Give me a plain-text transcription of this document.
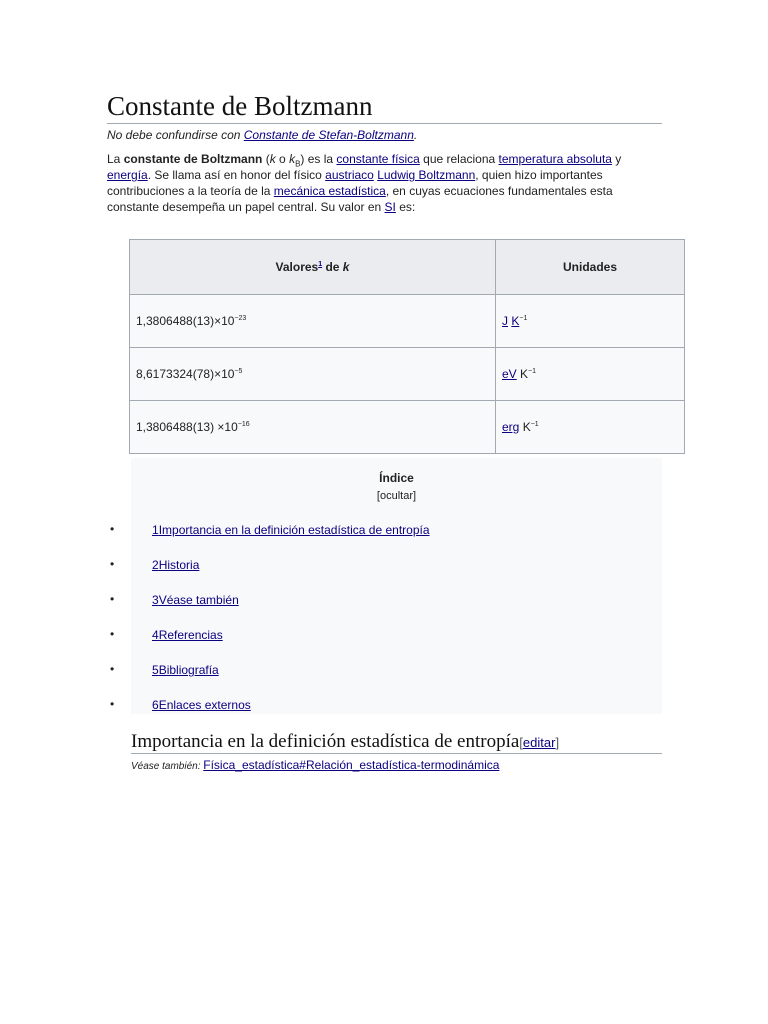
Constante de Boltzmann
No debe confundirse con Constante de Stefan-Boltzmann.

La constante de Boltzmann (k o $k_B$) es la constante física que relaciona temperatura absoluta y energía. Se llama así en honor del físico austriaco Ludwig Boltzmann, quien hizo importantes contribuciones a la teoría de la mecánica estadística, en cuyas ecuaciones fundamentales esta constante desempeña un papel central. Su valor en SI es:

Valores$^1$ de k	Unidades
$1,3806488(13)\times 10^{-23}$	J $K^{-1}$
$8,6173324(78)\times 10^{-5}$	eV $K^{-1}$
$1,3806488(13) \times 10^{-16}$	erg $K^{-1}$
Índice
[ocultar]
•	1Importancia en la definición estadística de entropía
•	2Historia
•	3Véase también
•	4Referencias
•	5Bibliografía
•	6Enlaces externos
Importancia en la definición estadística de entropía[editar]
Véase también: Física_estadística#Relación_estadística-termodinámica
